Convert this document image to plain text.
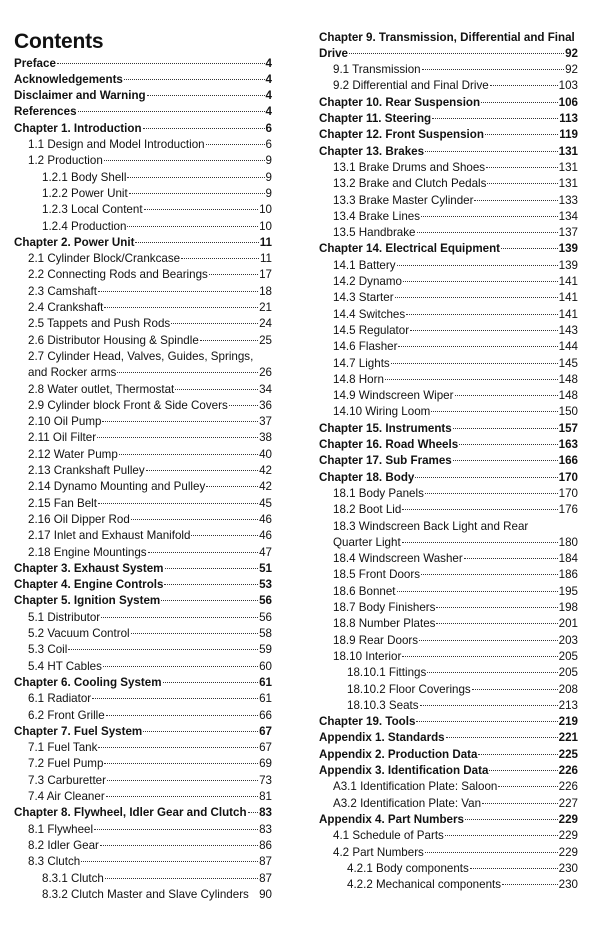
Contents
Preface	4
Acknowledgements	4
Disclaimer and Warning	4
References	4
Chapter 1. Introduction	6
1.1 Design and Model Introduction	6
1.2 Production	9
1.2.1 Body Shell	9
1.2.2 Power Unit	9
1.2.3 Local Content	10
1.2.4 Production	10
Chapter 2. Power Unit	11
2.1 Cylinder Block/Crankcase	11
2.2 Connecting Rods and Bearings	17
2.3 Camshaft	18
2.4 Crankshaft	21
2.5 Tappets and Push Rods	24
2.6 Distributor Housing & Spindle	25
2.7 Cylinder Head, Valves, Guides, Springs,
and Rocker arms	26
2.8 Water outlet, Thermostat	34
2.9 Cylinder block Front & Side Covers	36
2.10 Oil Pump	37
2.11 Oil Filter	38
2.12 Water Pump	40
2.13 Crankshaft Pulley	42
2.14 Dynamo Mounting and Pulley	42
2.15 Fan Belt	45
2.16 Oil Dipper Rod	46
2.17 Inlet and Exhaust Manifold	46
2.18 Engine Mountings	47
Chapter 3. Exhaust System	51
Chapter 4. Engine Controls	53
Chapter 5. Ignition System	56
5.1 Distributor	56
5.2 Vacuum Control	58
5.3 Coil	59
5.4 HT Cables	60
Chapter 6. Cooling System	61
6.1 Radiator	61
6.2 Front Grille	66
Chapter 7. Fuel System	67
7.1 Fuel Tank	67
7.2 Fuel Pump	69
7.3 Carburetter	73
7.4 Air Cleaner	81
Chapter 8. Flywheel, Idler Gear and Clutch 83
8.1 Flywheel	83
8.2 Idler Gear	86
8.3 Clutch	87
8.3.1 Clutch	87
8.3.2 Clutch Master and Slave Cylinders 90
Chapter 9. Transmission, Differential and Final
Drive	92
9.1 Transmission	92
9.2 Differential and Final Drive	103
Chapter 10. Rear Suspension	106
Chapter 11. Steering	113
Chapter 12. Front Suspension	119
Chapter 13. Brakes	131
13.1 Brake Drums and Shoes	131
13.2 Brake and Clutch Pedals	131
13.3 Brake Master Cylinder	133
13.4 Brake Lines	134
13.5 Handbrake	137
Chapter 14. Electrical Equipment	139
14.1 Battery	139
14.2 Dynamo	141
14.3 Starter	141
14.4 Switches	141
14.5 Regulator	143
14.6 Flasher	144
14.7 Lights	145
14.8 Horn	148
14.9 Windscreen Wiper	148
14.10 Wiring Loom	150
Chapter 15. Instruments	157
Chapter 16. Road Wheels	163
Chapter 17. Sub Frames	166
Chapter 18. Body	170
18.1 Body Panels	170
18.2 Boot Lid	176
18.3 Windscreen Back Light and Rear
Quarter Light	180
18.4 Windscreen Washer	184
18.5 Front Doors	186
18.6 Bonnet	195
18.7 Body Finishers	198
18.8 Number Plates	201
18.9 Rear Doors	203
18.10 Interior	205
18.10.1 Fittings	205
18.10.2 Floor Coverings	208
18.10.3 Seats	213
Chapter 19. Tools	219
Appendix 1. Standards	221
Appendix 2. Production Data	225
Appendix 3. Identification Data	226
A3.1 Identification Plate: Saloon	226
A3.2 Identification Plate: Van	227
Appendix 4. Part Numbers	229
4.1 Schedule of Parts	229
4.2 Part Numbers	229
4.2.1 Body components	230
4.2.2 Mechanical components	230
